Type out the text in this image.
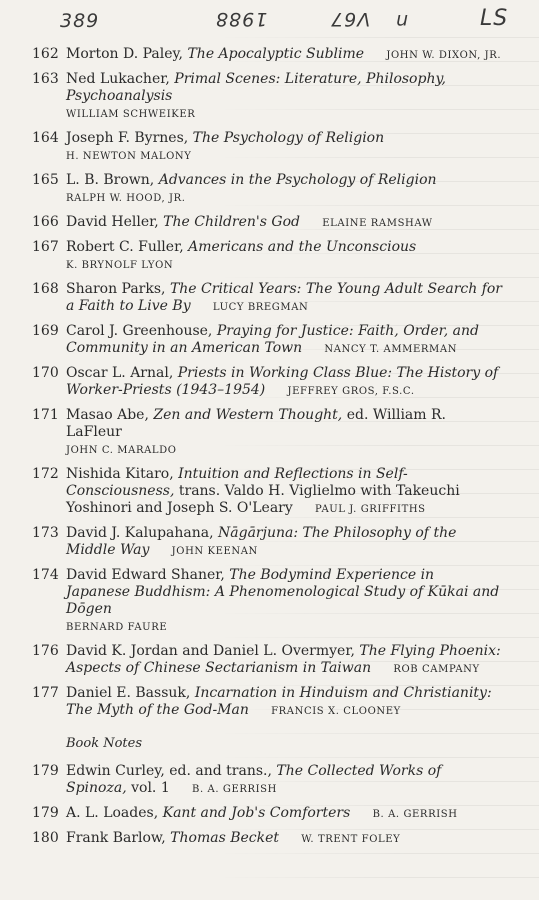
389	1988	V67 n	LS
162 Morton D. Paley, The Apocalyptic Sublime JOHN W. DIXON, JR.
163 Ned Lukacher, Primal Scenes: Literature, Philosophy, Psychoanalysis
WILLIAM SCHWEIKER
164 Joseph F. Byrnes, The Psychology of Religion
H. NEWTON MALONY
165 L. B. Brown, Advances in the Psychology of Religion
RALPH W. HOOD, JR.
166 David Heller, The Children's God ELAINE RAMSHAW
167 Robert C. Fuller, Americans and the Unconscious
K. BRYNOLF LYON
168 Sharon Parks, The Critical Years: The Young Adult Search for a Faith to Live By LUCY BREGMAN
169 Carol J. Greenhouse, Praying for Justice: Faith, Order, and Community in an American Town NANCY T. AMMERMAN
170 Oscar L. Arnal, Priests in Working Class Blue: The History of Worker-Priests (1943–1954) JEFFREY GROS, F.S.C.
171 Masao Abe, Zen and Western Thought, ed. William R. LaFleur
JOHN C. MARALDO
172 Nishida Kitaro, Intuition and Reflections in Self-Consciousness, trans. Valdo H. Viglielmo with Takeuchi Yoshinori and Joseph S. O'Leary PAUL J. GRIFFITHS
173 David J. Kalupahana, Nāgārjuna: The Philosophy of the Middle Way JOHN KEENAN
174 David Edward Shaner, The Bodymind Experience in Japanese Buddhism: A Phenomenological Study of Kūkai and Dōgen
BERNARD FAURE
176 David K. Jordan and Daniel L. Overmyer, The Flying Phoenix: Aspects of Chinese Sectarianism in Taiwan ROB CAMPANY
177 Daniel E. Bassuk, Incarnation in Hinduism and Christianity: The Myth of the God-Man FRANCIS X. CLOONEY
Book Notes
179 Edwin Curley, ed. and trans., The Collected Works of Spinoza, vol. 1 B. A. GERRISH
179 A. L. Loades, Kant and Job's Comforters B. A. GERRISH
180 Frank Barlow, Thomas Becket W. TRENT FOLEY
